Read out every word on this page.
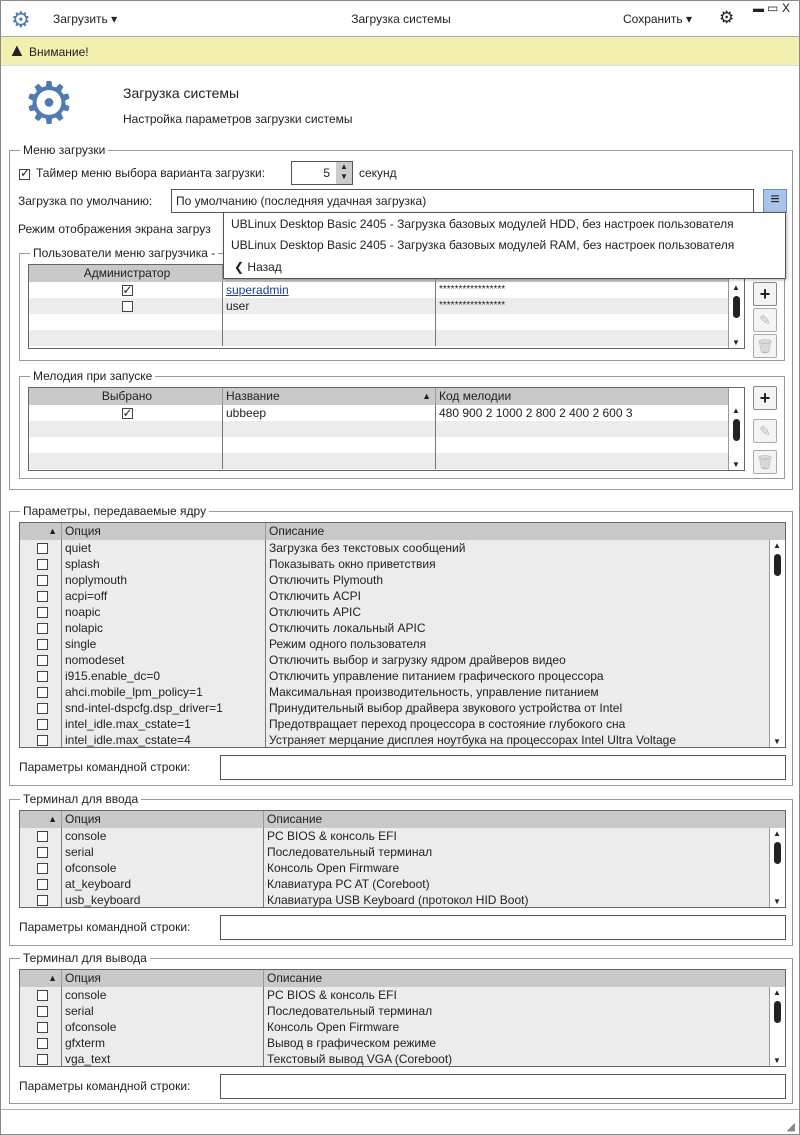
⚙ Загрузить ▾	Загрузка системы	Сохранить ▾ ⚙ ▬ ▭ X
▲ Внимание!
⚙	Загрузка системы
Настройка параметров загрузки системы
Меню загрузки
✓
Таймер меню выбора варианта загрузки:	5	▲
▼ секунд
Загрузка по умолчанию:	По умолчанию (последняя удачная загрузка)	≡
Режим отображения экрана загруз
Пользователи меню загрузчика -
Администратор
✓
superadmin	*****************
user	*****************
▲
▼
+
✎
🗑
Мелодия при запуске
Выбрано	Название	▲ Код мелодии
✓
ubbeep	480 900 2 1000 2 800 2 400 2 600 3	▲
▼
+
✎
🗑
UBLinux Desktop Basic 2405 - Загрузка базовых модулей HDD, без настроек пользователя
UBLinux Desktop Basic 2405 - Загрузка базовых модулей RAM, без настроек пользователя
❮ Назад
Параметры, передаваемые ядру
▲ Опция	Описание
quiet	Загрузка без текстовых сообщений
splash	Показывать окно приветствия
noplymouth	Отключить Plymouth
acpi=off	Отключить ACPI
noapic	Отключить APIC
nolapic	Отключить локальный APIC
single	Режим одного пользователя
nomodeset	Отключить выбор и загрузку ядром драйверов видео
i915.enable_dc=0	Отключить управление питанием графического процессора
ahci.mobile_lpm_policy=1	Максимальная производительность, управление питанием
snd-intel-dspcfg.dsp_driver=1	Принудительный выбор драйвера звукового устройства от Intel
intel_idle.max_cstate=1	Предотвращает переход процессора в состояние глубокого сна
intel_idle.max_cstate=4	Устраняет мерцание дисплея ноутбука на процессорах Intel Ultra Voltage
▲
▼
Параметры командной строки:
Терминал для ввода
▲ Опция	Описание
console	PC BIOS & консоль EFI
serial	Последовательный терминал
ofconsole	Консоль Open Firmware
at_keyboard	Клавиатура PC AT (Coreboot)
usb_keyboard	Клавиатура USB Keyboard (протокол HID Boot)
▲
▼
Параметры командной строки:
Терминал для вывода
▲ Опция	Описание
console	PC BIOS & консоль EFI
serial	Последовательный терминал
ofconsole	Консоль Open Firmware
gfxterm	Вывод в графическом режиме
vga_text	Текстовый вывод VGA (Coreboot)
▲
▼
Параметры командной строки:
◢
